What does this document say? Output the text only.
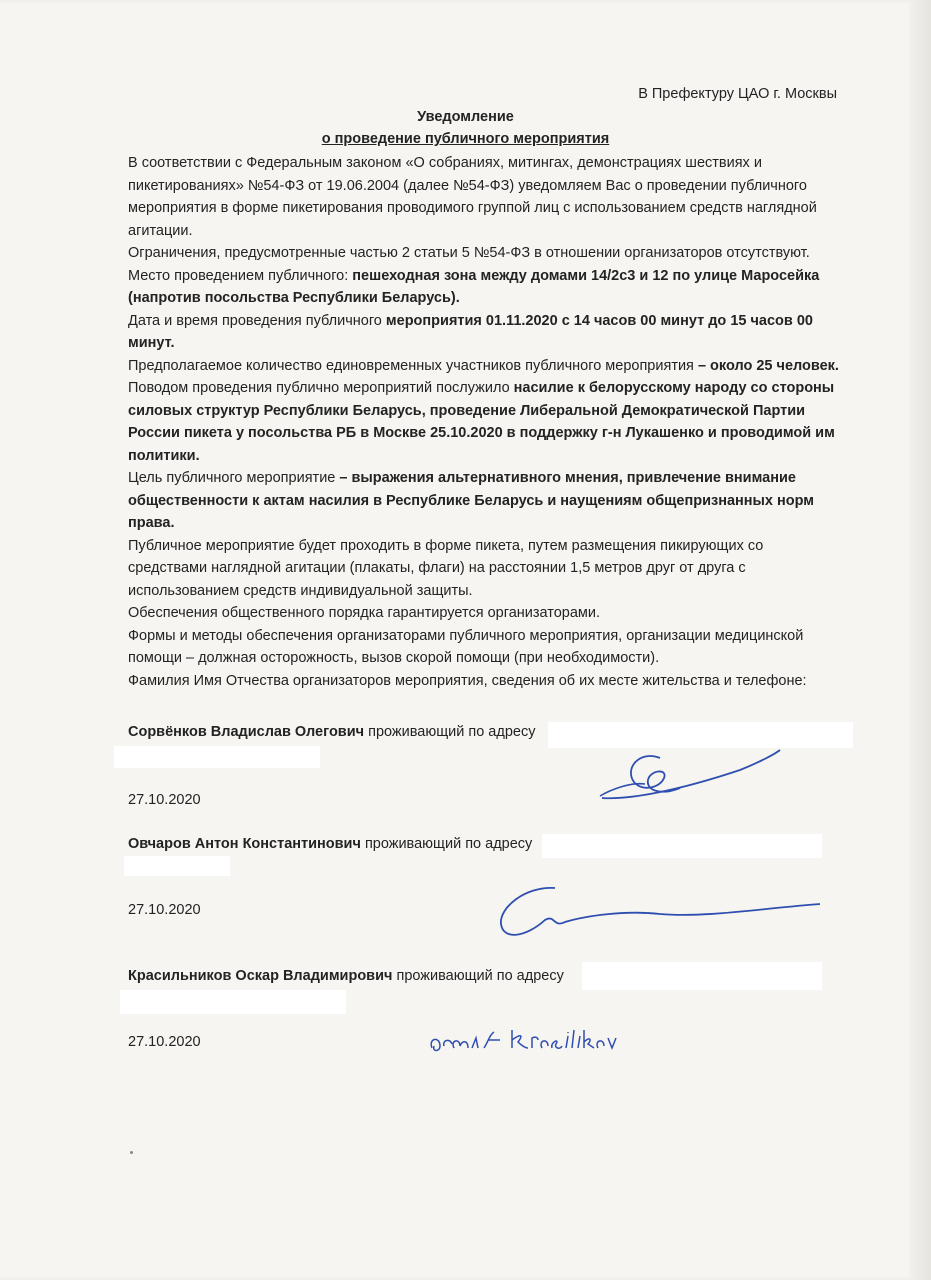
В Префектуру ЦАО г. Москвы
Уведомление
о проведение публичного мероприятия

В соответствии с Федеральным законом «О собраниях, митингах, демонстрациях шествиях и пикетированиях» №54-ФЗ от 19.06.2004 (далее №54-ФЗ) уведомляем Вас о проведении публичного мероприятия в форме пикетирования проводимого группой лиц с использованием средств наглядной агитации.

Ограничения, предусмотренные частью 2 статьи 5 №54-ФЗ в отношении организаторов отсутствуют.

Место проведением публичного: пешеходная зона между домами 14/2с3 и 12 по улице Маросейка (напротив посольства Республики Беларусь).

Дата и время проведения публичного мероприятия 01.11.2020 с 14 часов 00 минут до 15 часов 00 минут.

Предполагаемое количество единовременных участников публичного мероприятия – около 25 человек.

Поводом проведения публично мероприятий послужило насилие к белорусскому народу со стороны силовых структур Республики Беларусь, проведение Либеральной Демократической Партии России пикета у посольства РБ в Москве 25.10.2020 в поддержку г-н Лукашенко и проводимой им политики.

Цель публичного мероприятие – выражения альтернативного мнения, привлечение внимание общественности к актам насилия в Республике Беларусь и наущениям общепризнанных норм права.

Публичное мероприятие будет проходить в форме пикета, путем размещения пикирующих со средствами наглядной агитации (плакаты, флаги) на расстоянии 1,5 метров друг от друга с использованием средств индивидуальной защиты.

Обеспечения общественного порядка гарантируется организаторами.

Формы и методы обеспечения организаторами публичного мероприятия, организации медицинской помощи – должная осторожность, вызов скорой помощи (при необходимости).

Фамилия Имя Отчества организаторов мероприятия, сведения об их месте жительства и телефоне:

Сорвёнков Владислав Олегович проживающий по адресу
27.10.2020
Овчаров Антон Константинович проживающий по адресу
27.10.2020
Красильников Оскар Владимирович проживающий по адресу
27.10.2020
